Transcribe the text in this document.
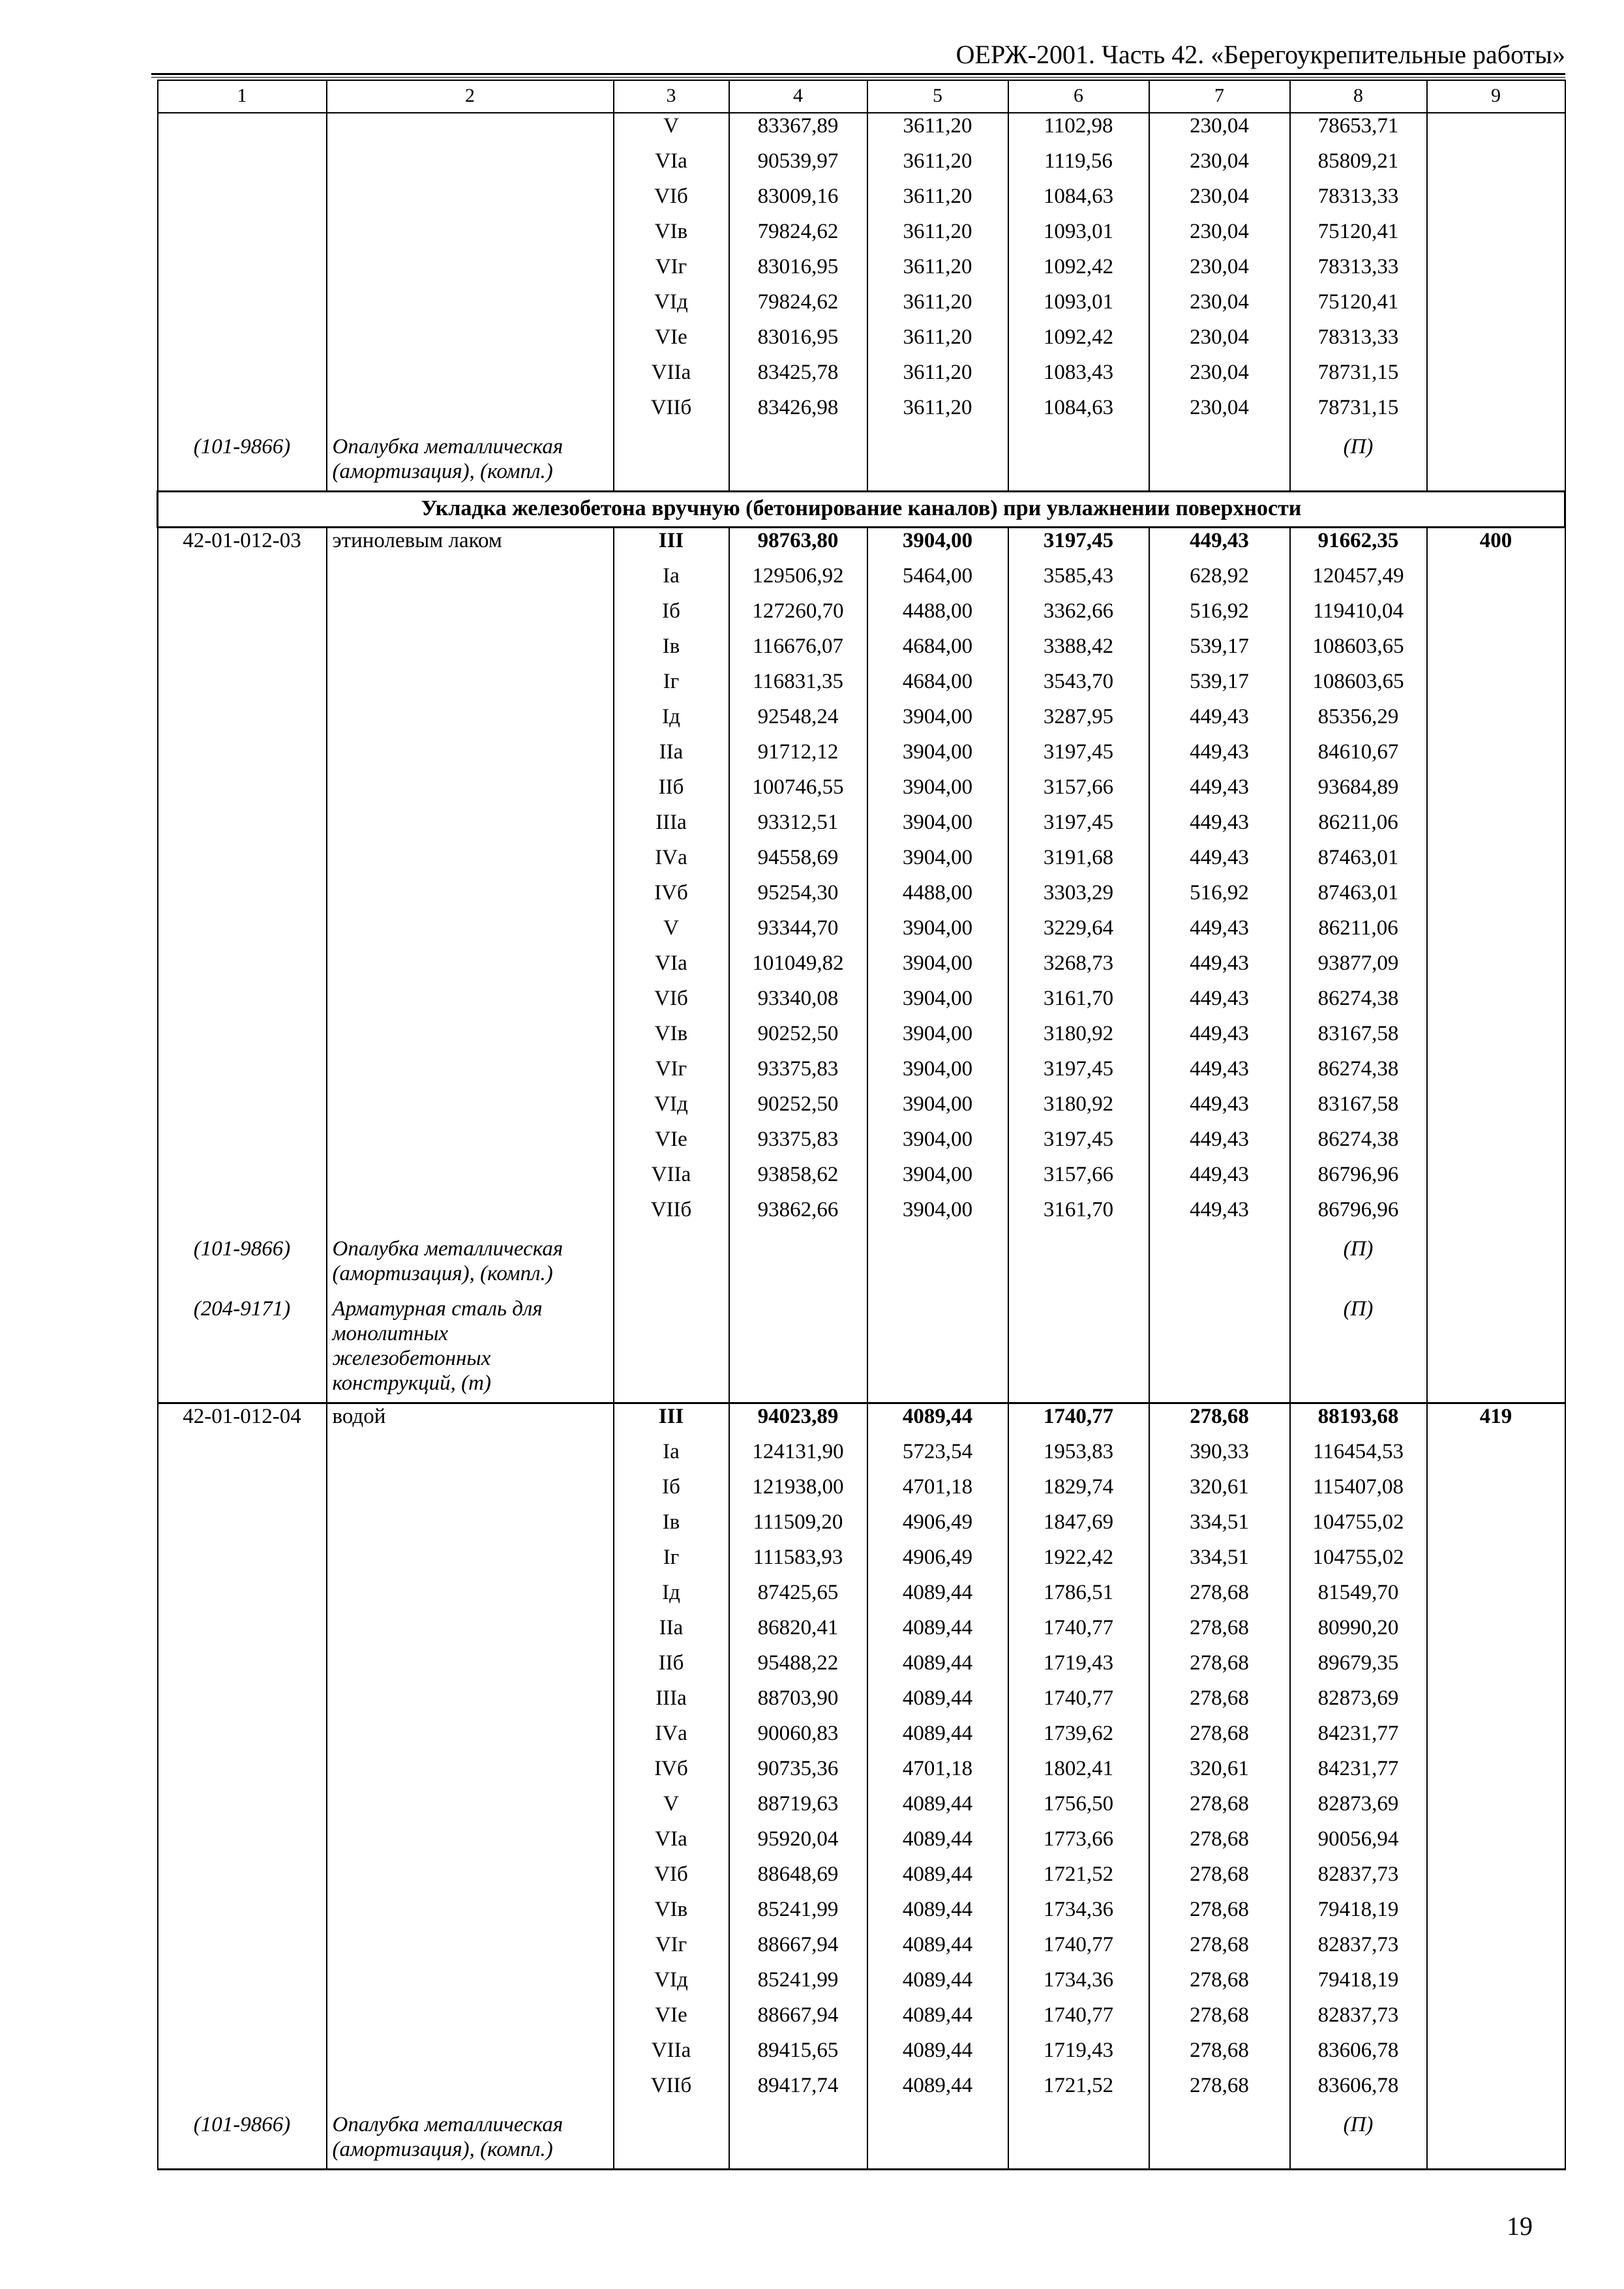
ОЕРЖ-2001. Часть 42. «Берегоукрепительные работы»
1	2	3	4	5	6	7	8	9
		V	83367,89	3611,20	1102,98	230,04	78653,71	
		VIа	90539,97	3611,20	1119,56	230,04	85809,21	
		VIб	83009,16	3611,20	1084,63	230,04	78313,33	
		VIв	79824,62	3611,20	1093,01	230,04	75120,41	
		VIг	83016,95	3611,20	1092,42	230,04	78313,33	
		VIд	79824,62	3611,20	1093,01	230,04	75120,41	
		VIе	83016,95	3611,20	1092,42	230,04	78313,33	
		VIIа	83425,78	3611,20	1083,43	230,04	78731,15	
		VIIб	83426,98	3611,20	1084,63	230,04	78731,15	
(101-9866)	Опалубка металлическая (амортизация), (компл.)						(П)	
Укладка железобетона вручную (бетонирование каналов) при увлажнении поверхности								
42-01-012-03	этинолевым лаком	III	98763,80	3904,00	3197,45	449,43	91662,35	400
		Iа	129506,92	5464,00	3585,43	628,92	120457,49	
		Iб	127260,70	4488,00	3362,66	516,92	119410,04	
		Iв	116676,07	4684,00	3388,42	539,17	108603,65	
		Iг	116831,35	4684,00	3543,70	539,17	108603,65	
		Iд	92548,24	3904,00	3287,95	449,43	85356,29	
		IIа	91712,12	3904,00	3197,45	449,43	84610,67	
		IIб	100746,55	3904,00	3157,66	449,43	93684,89	
		IIIа	93312,51	3904,00	3197,45	449,43	86211,06	
		IVа	94558,69	3904,00	3191,68	449,43	87463,01	
		IVб	95254,30	4488,00	3303,29	516,92	87463,01	
		V	93344,70	3904,00	3229,64	449,43	86211,06	
		VIа	101049,82	3904,00	3268,73	449,43	93877,09	
		VIб	93340,08	3904,00	3161,70	449,43	86274,38	
		VIв	90252,50	3904,00	3180,92	449,43	83167,58	
		VIг	93375,83	3904,00	3197,45	449,43	86274,38	
		VIд	90252,50	3904,00	3180,92	449,43	83167,58	
		VIе	93375,83	3904,00	3197,45	449,43	86274,38	
		VIIа	93858,62	3904,00	3157,66	449,43	86796,96	
		VIIб	93862,66	3904,00	3161,70	449,43	86796,96	
(101-9866)	Опалубка металлическая (амортизация), (компл.)						(П)	
(204-9171)	Арматурная сталь для монолитных железобетонных конструкций, (т)						(П)	
42-01-012-04	водой	III	94023,89	4089,44	1740,77	278,68	88193,68	419
		Iа	124131,90	5723,54	1953,83	390,33	116454,53	
		Iб	121938,00	4701,18	1829,74	320,61	115407,08	
		Iв	111509,20	4906,49	1847,69	334,51	104755,02	
		Iг	111583,93	4906,49	1922,42	334,51	104755,02	
		Iд	87425,65	4089,44	1786,51	278,68	81549,70	
		IIа	86820,41	4089,44	1740,77	278,68	80990,20	
		IIб	95488,22	4089,44	1719,43	278,68	89679,35	
		IIIа	88703,90	4089,44	1740,77	278,68	82873,69	
		IVа	90060,83	4089,44	1739,62	278,68	84231,77	
		IVб	90735,36	4701,18	1802,41	320,61	84231,77	
		V	88719,63	4089,44	1756,50	278,68	82873,69	
		VIа	95920,04	4089,44	1773,66	278,68	90056,94	
		VIб	88648,69	4089,44	1721,52	278,68	82837,73	
		VIв	85241,99	4089,44	1734,36	278,68	79418,19	
		VIг	88667,94	4089,44	1740,77	278,68	82837,73	
		VIд	85241,99	4089,44	1734,36	278,68	79418,19	
		VIе	88667,94	4089,44	1740,77	278,68	82837,73	
		VIIа	89415,65	4089,44	1719,43	278,68	83606,78	
		VIIб	89417,74	4089,44	1721,52	278,68	83606,78	
(101-9866)	Опалубка металлическая (амортизация), (компл.)						(П)	
19
